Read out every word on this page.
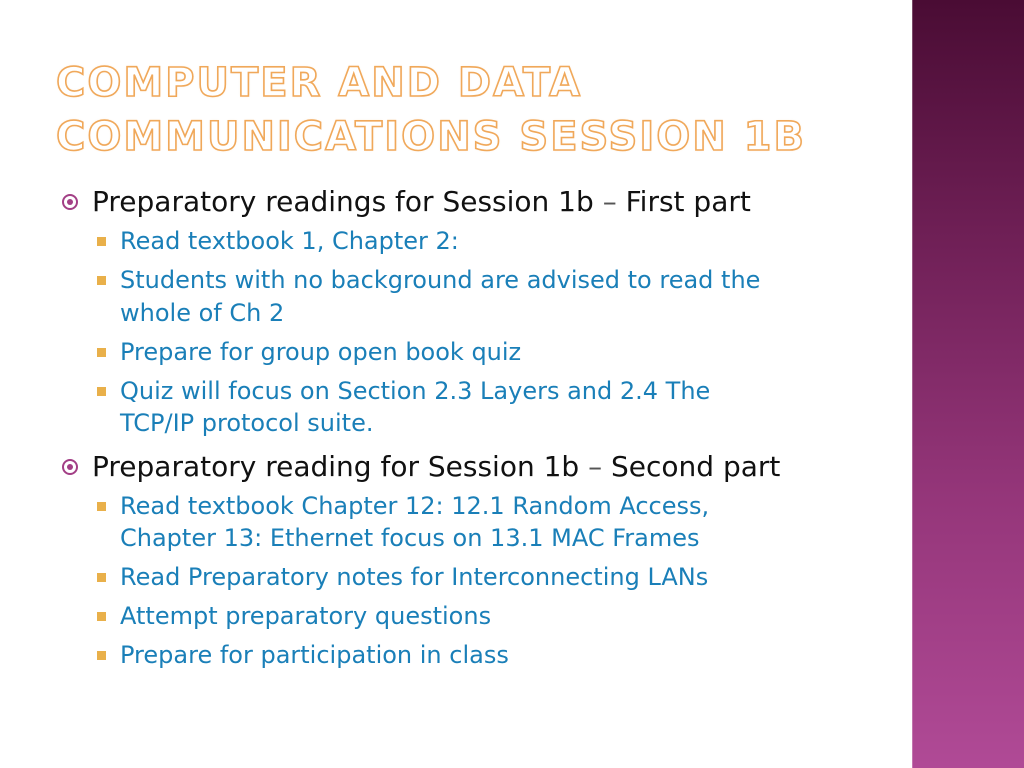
COMPUTER AND DATA
COMMUNICATIONS SESSION 1B
Preparatory readings for Session 1b – First part
Read textbook 1, Chapter 2:
Students with no background are advised to read the
whole of Ch 2
Prepare for group open book quiz
Quiz will focus on Section 2.3 Layers and 2.4 The
TCP/IP protocol suite.
Preparatory reading for Session 1b – Second part
Read textbook Chapter 12: 12.1 Random Access,
Chapter 13: Ethernet focus on 13.1 MAC Frames
Read Preparatory notes for Interconnecting LANs
Attempt preparatory questions
Prepare for participation in class
